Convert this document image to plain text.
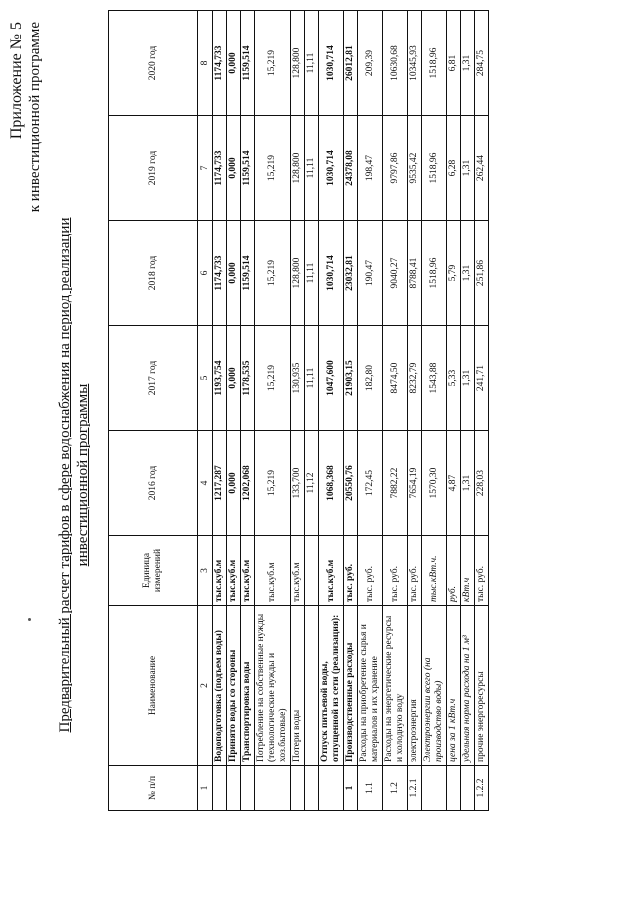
Приложение № 5 к инвестиционной программе
Предварительный расчет тарифов в сфере водоснабжения на период реализации инвестиционной программы
№ п/п	Наименование	Единица измерений	2016 год	2017 год	2018 год	2019 год	2020 год
1	2	3	4	5	6	7	8
	Водоподготовка (подъем воды)	тыс.куб.м	1217,287	1193,754	1174,733	1174,733	1174,733
	Принято воды со стороны	тыс.куб.м	0,000	0,000	0,000	0,000	0,000
	Транспортировка воды	тыс.куб.м	1202,068	1178,535	1159,514	1159,514	1159,514
	Потребление на собственные нужды (технологические нужды и хоз.бытовые)	тыс.куб.м	15,219	15,219	15,219	15,219	15,219
	Потери воды	тыс.куб.м	133,700	130,935	128,800	128,800	128,800
			11,12	11,11	11,11	11,11	11,11
	Отпуск питьевой воды, отпущенной из сети (реализация):	тыс.куб.м	1068,368	1047,600	1030,714	1030,714	1030,714
1	Производственные расходы	тыс. руб.	20550,76	21903,15	23032,81	24378,08	26012,81
1.1	Расходы на приобретение сырья и материалов и их хранение	тыс. руб.	172,45	182,80	190,47	198,47	209,39
1.2	Расходы на энергетические ресурсы и холодную воду	тыс. руб.	7882,22	8474,50	9040,27	9797,86	10630,68
1.2.1	электроэнергия	тыс. руб.	7654,19	8232,79	8788,41	9535,42	10345,93
	Электроэнергии всего (на производство воды)	тыс.кВт.ч.	1570,30	1543,88	1518,96	1518,96	1518,96
	цена за 1 кВт.ч	руб.	4,87	5,33	5,79	6,28	6,81
	удельная норма расхода на 1 м³	кВт.ч	1,31	1,31	1,31	1,31	1,31
1.2.2	прочие энергоресурсы	тыс. руб.	228,03	241,71	251,86	262,44	284,75
